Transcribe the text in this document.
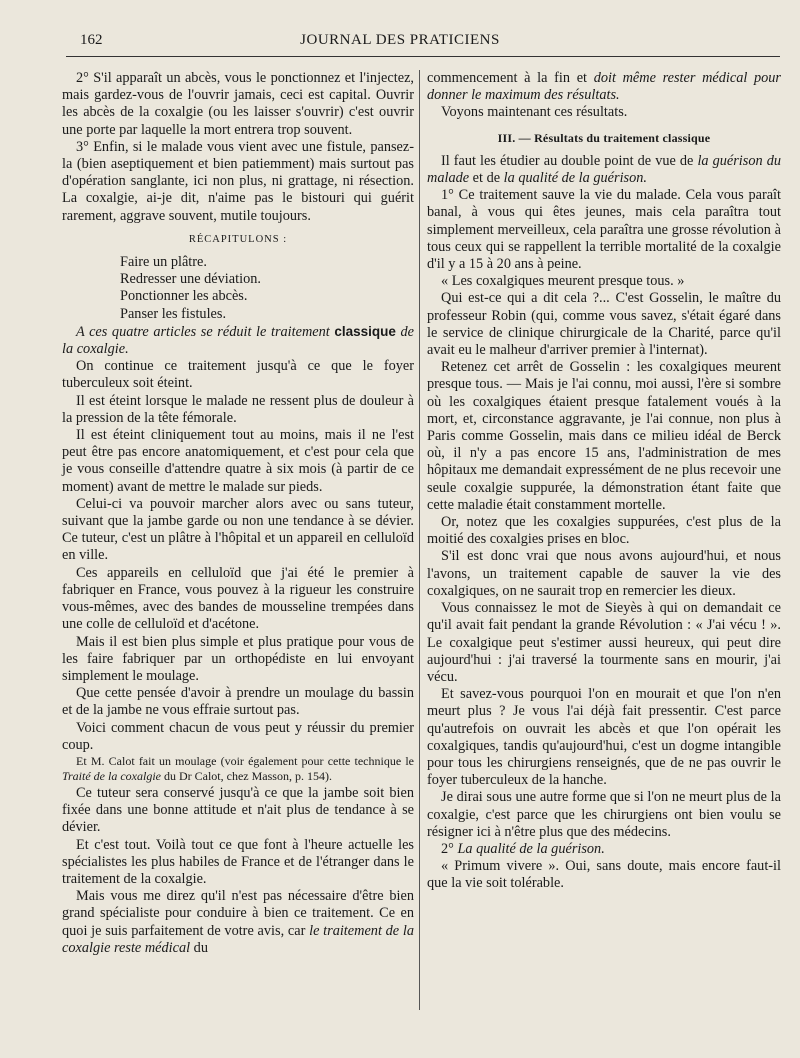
162	JOURNAL DES PRATICIENS

2° S'il apparaît un abcès, vous le ponctionnez et l'injectez, mais gardez-vous de l'ouvrir jamais, ceci est capital. Ouvrir les abcès de la coxalgie (ou les laisser s'ouvrir) c'est ouvrir une porte par laquelle la mort entrera trop souvent.

3° Enfin, si le malade vous vient avec une fistule, pansez-la (bien aseptiquement et bien patiemment) mais surtout pas d'opération sanglante, ici non plus, ni grattage, ni résection. La coxalgie, ai-je dit, n'aime pas le bistouri qui guérit rarement, aggrave souvent, mutile toujours.

RÉCAPITULONS :
Faire un plâtre.
Redresser une déviation.
Ponctionner les abcès.
Panser les fistules.

A ces quatre articles se réduit le traitement classique de la coxalgie.

On continue ce traitement jusqu'à ce que le foyer tuberculeux soit éteint.

Il est éteint lorsque le malade ne ressent plus de douleur à la pression de la tête fémorale.

Il est éteint cliniquement tout au moins, mais il ne l'est peut être pas encore anatomiquement, et c'est pour cela que je vous conseille d'attendre quatre à six mois (à partir de ce moment) avant de mettre le malade sur pieds.

Celui-ci va pouvoir marcher alors avec ou sans tuteur, suivant que la jambe garde ou non une tendance à se dévier. Ce tuteur, c'est un plâtre à l'hôpital et un appareil en celluloïd en ville.

Ces appareils en celluloïd que j'ai été le premier à fabriquer en France, vous pouvez à la rigueur les construire vous-mêmes, avec des bandes de mousseline trempées dans une colle de celluloïd et d'acétone.

Mais il est bien plus simple et plus pratique pour vous de les faire fabriquer par un orthopédiste en lui envoyant simplement le moulage.

Que cette pensée d'avoir à prendre un moulage du bassin et de la jambe ne vous effraie surtout pas.

Voici comment chacun de vous peut y réussir du premier coup.

Et M. Calot fait un moulage (voir également pour cette technique le Traité de la coxalgie du Dr Calot, chez Masson, p. 154).

Ce tuteur sera conservé jusqu'à ce que la jambe soit bien fixée dans une bonne attitude et n'ait plus de tendance à se dévier.

Et c'est tout. Voilà tout ce que font à l'heure actuelle les spécialistes les plus habiles de France et de l'étranger dans le traitement de la coxalgie.

Mais vous me direz qu'il n'est pas nécessaire d'être bien grand spécialiste pour conduire à bien ce traitement. Ce en quoi je suis parfaitement de votre avis, car le traitement de la coxalgie reste médical du

commencement à la fin et doit même rester médical pour donner le maximum des résultats.

Voyons maintenant ces résultats.

III. — Résultats du traitement classique

Il faut les étudier au double point de vue de la guérison du malade et de la qualité de la guérison.

1° Ce traitement sauve la vie du malade. Cela vous paraît banal, à vous qui êtes jeunes, mais cela paraîtra tout simplement merveilleux, cela paraîtra une grosse révolution à tous ceux qui se rappellent la terrible mortalité de la coxalgie d'il y a 15 à 20 ans à peine.

« Les coxalgiques meurent presque tous. »

Qui est-ce qui a dit cela ?... C'est Gosselin, le maître du professeur Robin (qui, comme vous savez, s'était égaré dans le service de clinique chirurgicale de la Charité, parce qu'il avait eu le malheur d'arriver premier à l'internat).

Retenez cet arrêt de Gosselin : les coxalgiques meurent presque tous. — Mais je l'ai connu, moi aussi, l'ère si sombre où les coxalgiques étaient presque fatalement voués à la mort, et, circonstance aggravante, je l'ai connue, non plus à Paris comme Gosselin, mais dans ce milieu idéal de Berck où, il n'y a pas encore 15 ans, l'administration de mes hôpitaux me demandait expressément de ne plus recevoir une seule coxalgie suppurée, la démonstration étant faite que cette maladie était constamment mortelle.

Or, notez que les coxalgies suppurées, c'est plus de la moitié des coxalgies prises en bloc.

S'il est donc vrai que nous avons aujourd'hui, et nous l'avons, un traitement capable de sauver la vie des coxalgiques, on ne saurait trop en remercier les dieux.

Vous connaissez le mot de Sieyès à qui on demandait ce qu'il avait fait pendant la grande Révolution : « J'ai vécu ! ». Le coxalgique peut s'estimer aussi heureux, qui peut dire aujourd'hui : j'ai traversé la tourmente sans en mourir, j'ai vécu.

Et savez-vous pourquoi l'on en mourait et que l'on n'en meurt plus ? Je vous l'ai déjà fait pressentir. C'est parce qu'autrefois on ouvrait les abcès et que l'on opérait les coxalgiques, tandis qu'aujourd'hui, c'est un dogme intangible pour tous les chirurgiens renseignés, que de ne pas ouvrir le foyer tuberculeux de la hanche.

Je dirai sous une autre forme que si l'on ne meurt plus de la coxalgie, c'est parce que les chirurgiens ont bien voulu se résigner ici à n'être plus que des médecins.

2° La qualité de la guérison.

« Primum vivere ». Oui, sans doute, mais encore faut-il que la vie soit tolérable.
